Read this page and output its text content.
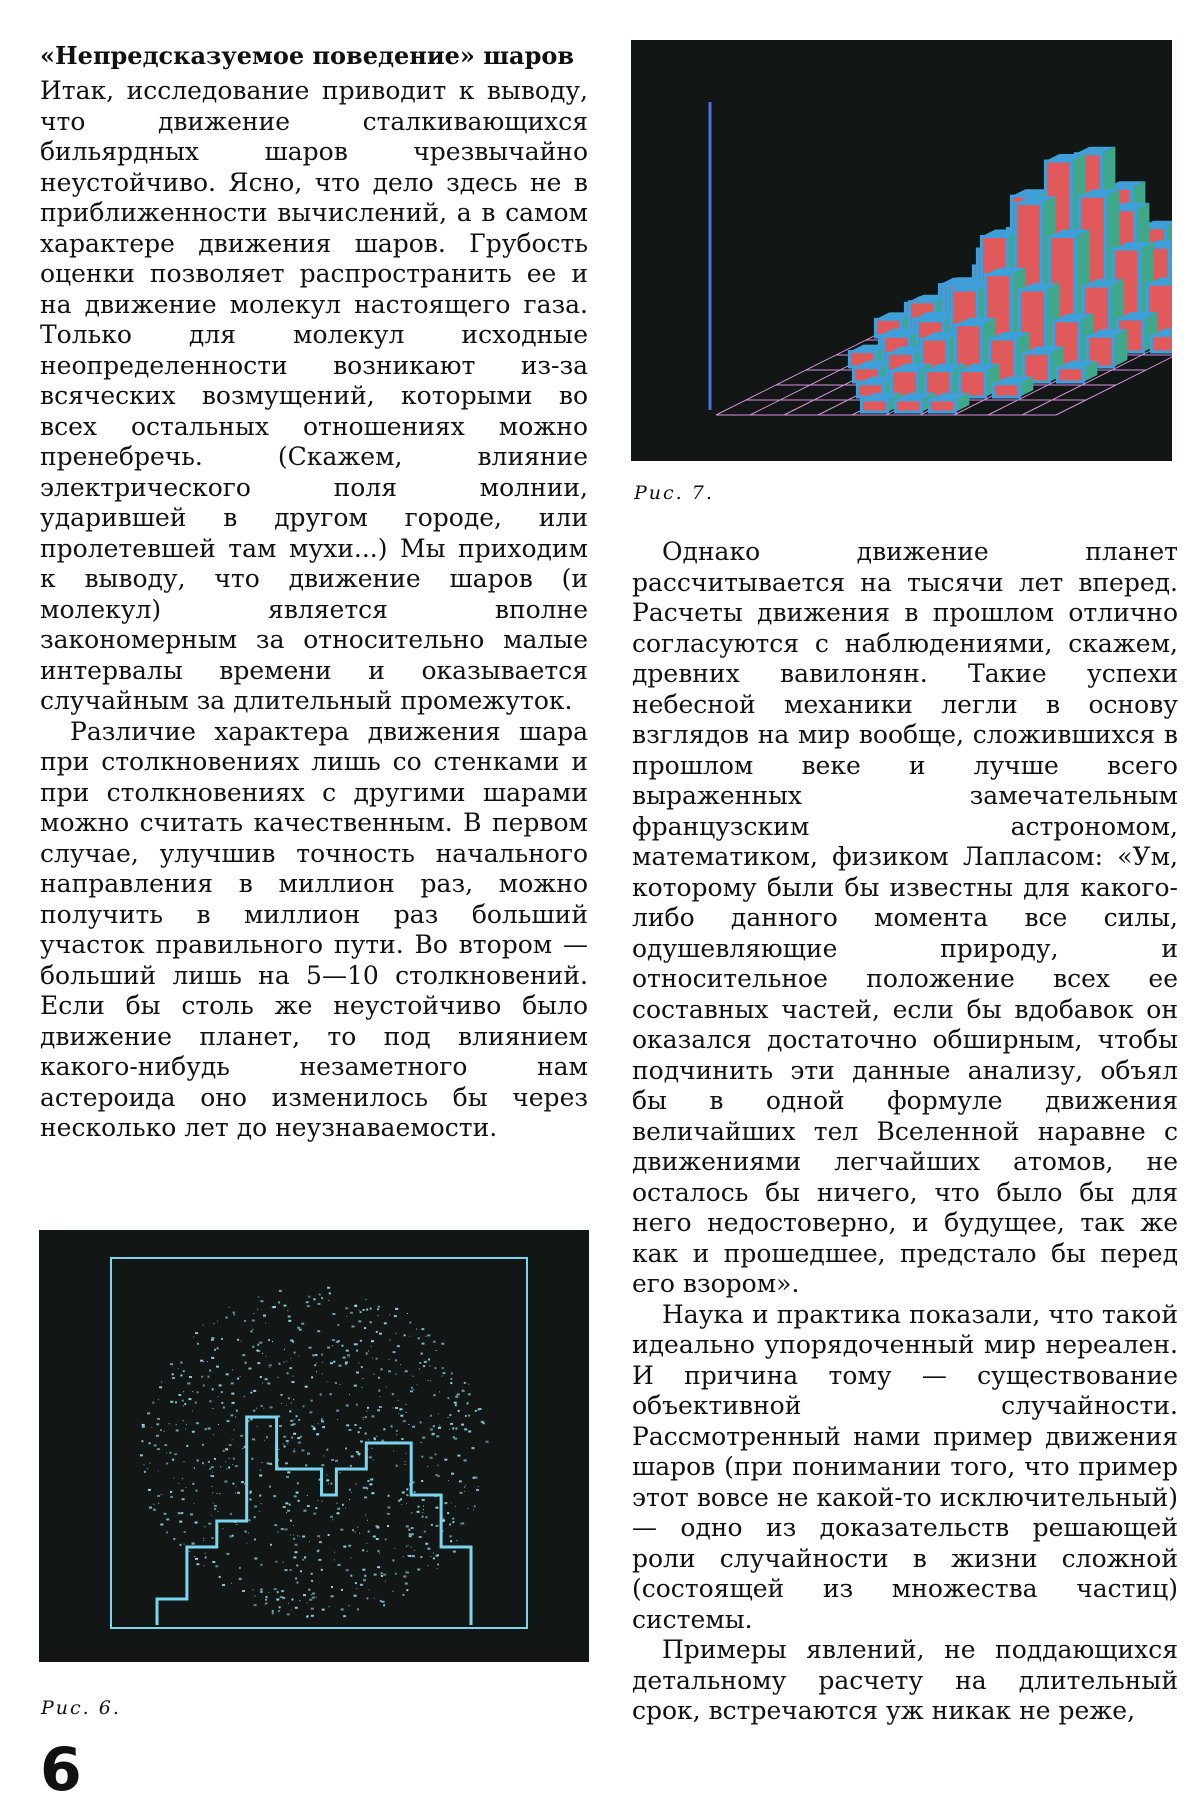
«Непредсказуемое поведение» шаров

Итак, исследование приводит к выводу, что движение сталкивающихся бильярдных шаров чрезвычайно неустойчиво. Ясно, что дело здесь не в приближенности вычислений, а в самом характере движения шаров. Грубость оценки позволяет распространить ее и на движение молекул настоящего газа. Только для молекул исходные неопределенности возникают из-за всяческих возмущений, которыми во всех остальных отношениях можно пренебречь. (Скажем, влияние электрического поля молнии, ударившей в другом городе, или пролетевшей там мухи...) Мы приходим к выводу, что движение шаров (и молекул) является вполне закономерным за относительно малые интервалы времени и оказывается случайным за длительный промежуток.

Различие характера движения шара при столкновениях лишь со стенками и при столкновениях с другими шарами можно считать качественным. В первом случае, улучшив точность начального направления в миллион раз, можно получить в миллион раз больший участок правильного пути. Во втором — больший лишь на 5—10 столкновений. Если бы столь же неустойчиво было движение планет, то под влиянием какого-нибудь незаметного нам астероида оно изменилось бы через несколько лет до неузнаваемости.

Рис. 7.

Однако движение планет рассчитывается на тысячи лет вперед. Расчеты движения в прошлом отлично согласуются с наблюдениями, скажем, древних вавилонян. Такие успехи небесной механики легли в основу взглядов на мир вообще, сложившихся в прошлом веке и лучше всего выраженных замечательным французским астрономом, математиком, физиком Лапласом: «Ум, которому были бы известны для какого-либо данного момента все силы, одушевляющие природу, и относительное положение всех ее составных частей, если бы вдобавок он оказался достаточно обширным, чтобы подчинить эти данные анализу, объял бы в одной формуле движения величайших тел Вселенной наравне с движениями легчайших атомов, не осталось бы ничего, что было бы для него недостоверно, и будущее, так же как и прошедшее, предстало бы перед его взором».

Наука и практика показали, что такой идеально упорядоченный мир нереален. И причина тому — существование объективной случайности. Рассмотренный нами пример движения шаров (при понимании того, что пример этот вовсе не какой-то исключительный) — одно из доказательств решающей роли случайности в жизни сложной (состоящей из множества частиц) системы.

Примеры явлений, не поддающихся детальному расчету на длительный срок, встречаются уж никак не реже,

Рис. 6.
6
